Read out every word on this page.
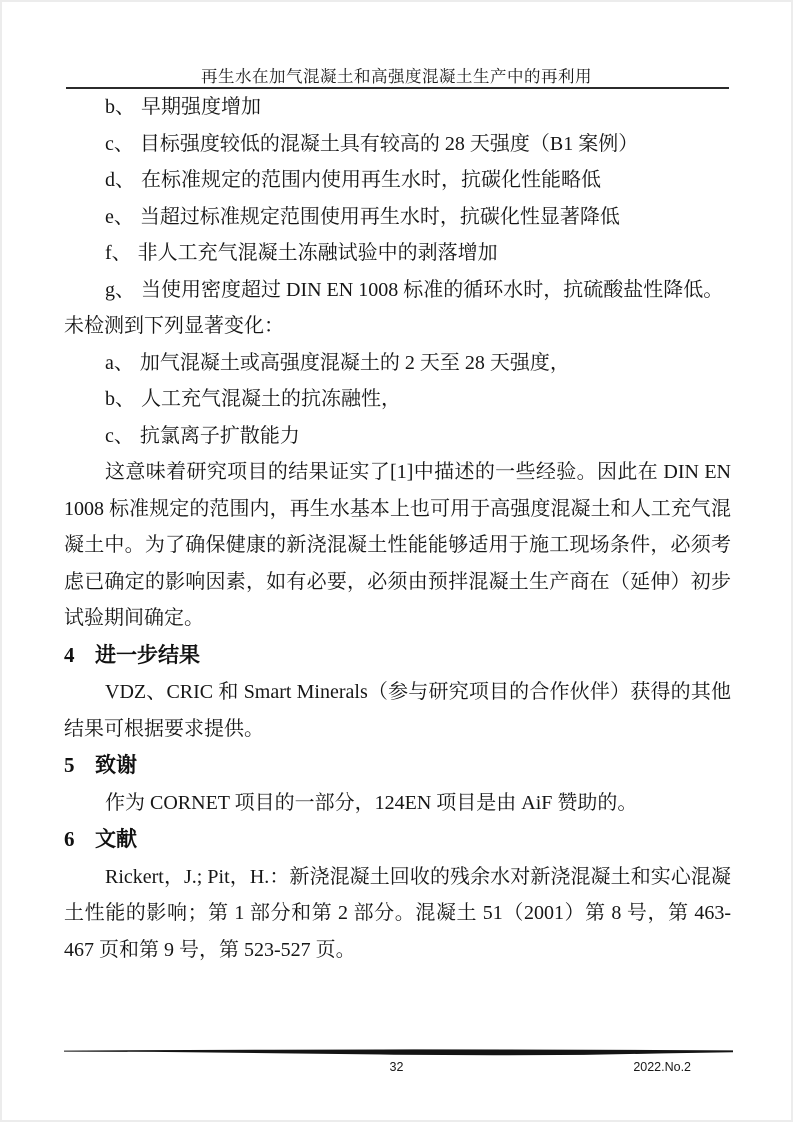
再生水在加气混凝土和高强度混凝土生产中的再利用
b、 早期强度增加
c、 目标强度较低的混凝土具有较高的 28 天强度（B1 案例）
d、 在标准规定的范围内使用再生水时，抗碳化性能略低
e、 当超过标准规定范围使用再生水时，抗碳化性显著降低
f、 非人工充气混凝土冻融试验中的剥落增加
g、 当使用密度超过 DIN EN 1008 标准的循环水时，抗硫酸盐性降低。
未检测到下列显著变化：
a、 加气混凝土或高强度混凝土的 2 天至 28 天强度，
b、 人工充气混凝土的抗冻融性，
c、 抗氯离子扩散能力
这意味着研究项目的结果证实了[1]中描述的一些经验。因此在 DIN EN 1008 标准规定的范围内，再生水基本上也可用于高强度混凝土和人工充气混凝土中。为了确保健康的新浇混凝土性能能够适用于施工现场条件，必须考虑已确定的影响因素，如有必要，必须由预拌混凝土生产商在（延伸）初步试验期间确定。
4 进一步结果
VDZ、CRIC 和 Smart Minerals（参与研究项目的合作伙伴）获得的其他结果可根据要求提供。
5 致谢
作为 CORNET 项目的一部分，124EN 项目是由 AiF 赞助的。
6 文献
Rickert，J.; Pit，H.：新浇混凝土回收的残余水对新浇混凝土和实心混凝土性能的影响；第 1 部分和第 2 部分。混凝土 51（2001）第 8 号，第 463-467 页和第 9 号，第 523-527 页。
32	2022.No.2
